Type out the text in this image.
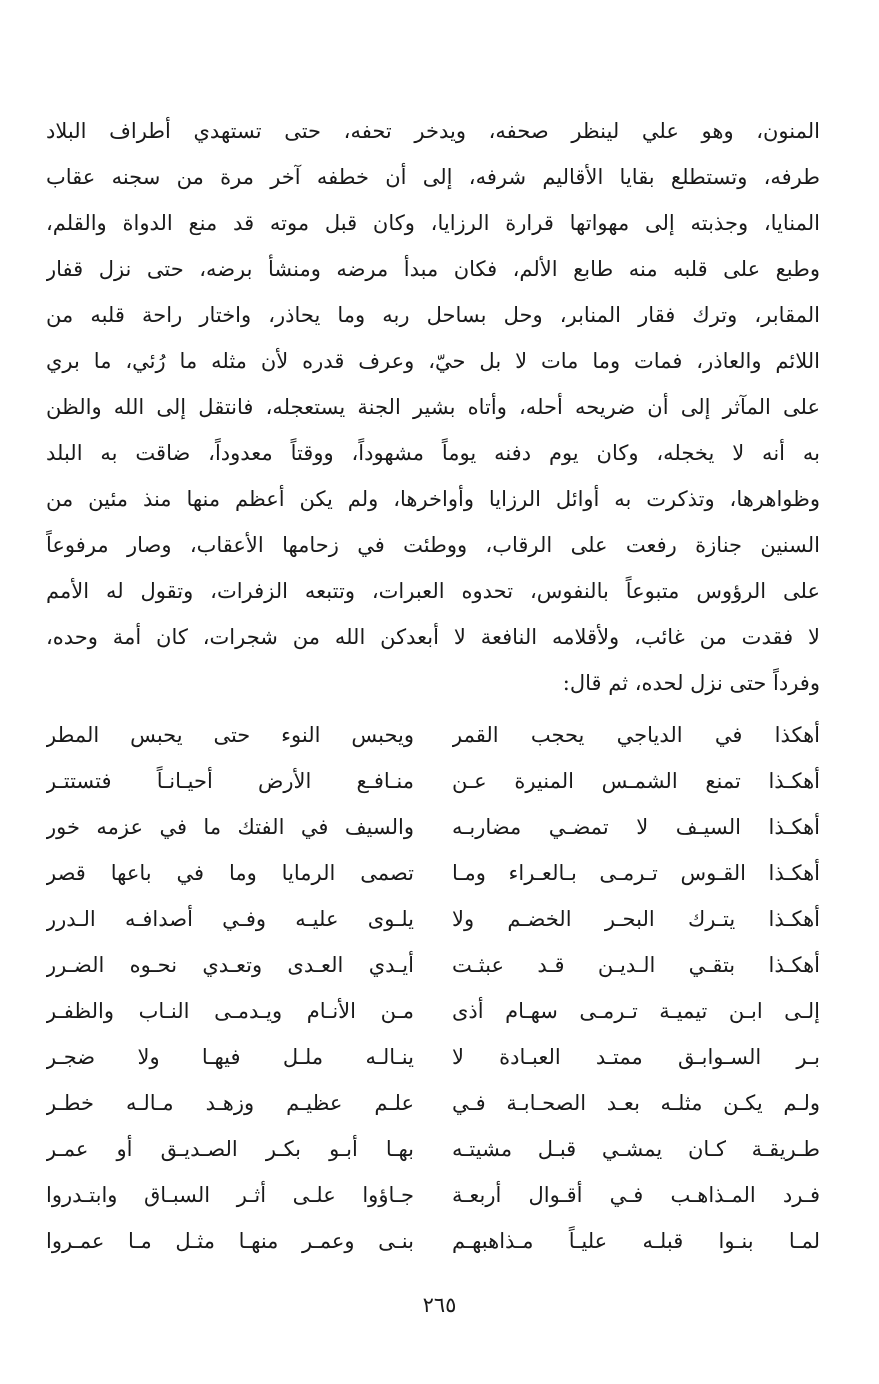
المنون، وهو علي لينظر صحفه، ويدخر تحفه، حتى تستهدي أطراف البلاد
طرفه، وتستطلع بقايا الأقاليم شرفه، إلى أن خطفه آخر مرة من سجنه عقاب
المنايا، وجذبته إلى مهواتها قرارة الرزايا، وكان قبل موته قد منع الدواة والقلم،
وطبع على قلبه منه طابع الألم، فكان مبدأ مرضه ومنشأ برضه، حتى نزل قفار
المقابر، وترك فقار المنابر، وحل بساحل ربه وما يحاذر، واختار راحة قلبه من
اللائم والعاذر، فمات وما مات لا بل حيّ، وعرف قدره لأن مثله ما رُئي، ما بري
على المآثر إلى أن ضريحه أحله، وأتاه بشير الجنة يستعجله، فانتقل إلى الله والظن
به أنه لا يخجله، وكان يوم دفنه يوماً مشهوداً، ووقتاً معدوداً، ضاقت به البلد
وظواهرها، وتذكرت به أوائل الرزايا وأواخرها، ولم يكن أعظم منها منذ مئين من
السنين جنازة رفعت على الرقاب، ووطئت في زحامها الأعقاب، وصار مرفوعاً
على الرؤوس متبوعاً بالنفوس، تحدوه العبرات، وتتبعه الزفرات، وتقول له الأمم
لا فقدت من غائب، ولأقلامه النافعة لا أبعدكن الله من شجرات، كان أمة وحده،
وفرداً حتى نزل لحده، ثم قال:
أهكذا في الدياجي يحجب القمر
ويحبس النوء حتى يحبس المطر
أهكـذا تمنع الشمـس المنيرة عـن
منـافـع الأرض أحيـانـاً فتستتـر
أهكـذا السيـف لا تمضـي مضاربـه
والسيف في الفتك ما في عزمه خور
أهكـذا القـوس تـرمـى بـالعـراء ومـا
تصمى الرمايا وما في باعها قصر
أهكـذا يتـرك البحـر الخضـم ولا
يلـوى عليـه وفـي أصدافـه الـدرر
أهكـذا بتقـي الـديـن قـد عبثـت
أيـدي العـدى وتعـدي نحـوه الضـرر
إلـى ابـن تيميـة تـرمـى سهـام أذى
مـن الأنـام ويـدمـى النـاب والظفـر
بـر السـوابـق ممتـد العبـادة لا
ينـالـه ملـل فيهـا ولا ضجـر
ولـم يكـن مثلـه بعـد الصحـابـة فـي
علـم عظيـم وزهـد مـالـه خطـر
طـريقـة كـان يمشـي قبـل مشيتـه
بهـا أبـو بكـر الصـديـق أو عمـر
فـرد المـذاهـب فـي أقـوال أربعـة
جـاؤوا علـى أثـر السبـاق وابتـدروا
لمـا بنـوا قبلـه عليـاً مـذاهبهـم
بنـى وعمـر منهـا مثـل مـا عمـروا
٢٦٥
